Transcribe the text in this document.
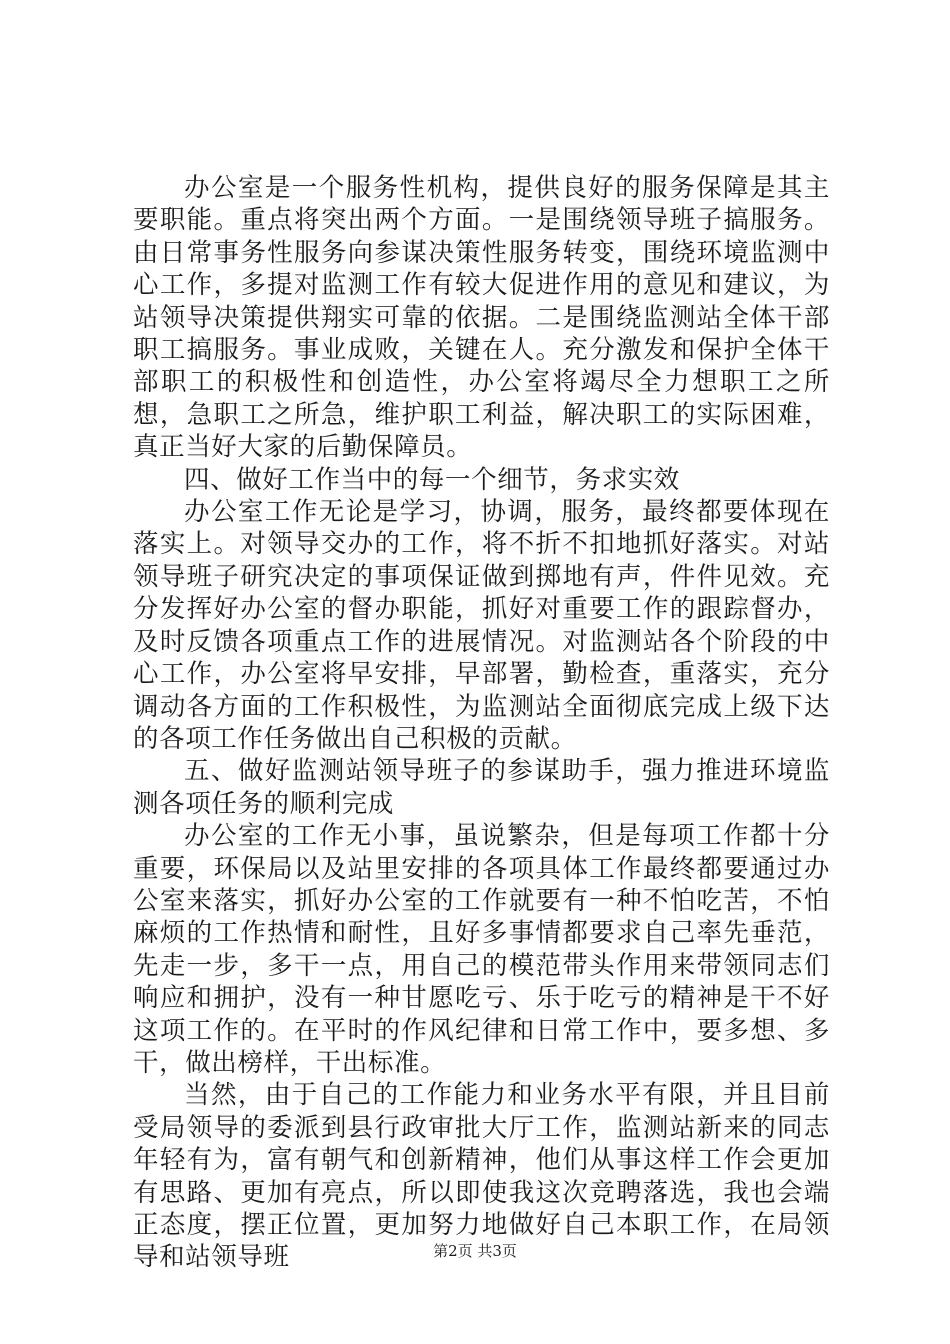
办公室是一个服务性机构，提供良好的服务保障是其主要职能。重点将突出两个方面。一是围绕领导班子搞服务。由日常事务性服务向参谋决策性服务转变，围绕环境监测中心工作，多提对监测工作有较大促进作用的意见和建议，为站领导决策提供翔实可靠的依据。二是围绕监测站全体干部职工搞服务。事业成败，关键在人。充分激发和保护全体干部职工的积极性和创造性，办公室将竭尽全力想职工之所想，急职工之所急，维护职工利益，解决职工的实际困难，真正当好大家的后勤保障员。

四、做好工作当中的每一个细节，务求实效

办公室工作无论是学习，协调，服务，最终都要体现在落实上。对领导交办的工作，将不折不扣地抓好落实。对站领导班子研究决定的事项保证做到掷地有声，件件见效。充分发挥好办公室的督办职能，抓好对重要工作的跟踪督办，及时反馈各项重点工作的进展情况。对监测站各个阶段的中心工作，办公室将早安排，早部署，勤检查，重落实，充分调动各方面的工作积极性，为监测站全面彻底完成上级下达的各项工作任务做出自己积极的贡献。

五、做好监测站领导班子的参谋助手，强力推进环境监测各项任务的顺利完成

办公室的工作无小事，虽说繁杂，但是每项工作都十分重要，环保局以及站里安排的各项具体工作最终都要通过办公室来落实，抓好办公室的工作就要有一种不怕吃苦，不怕麻烦的工作热情和耐性，且好多事情都要求自己率先垂范，先走一步，多干一点，用自己的模范带头作用来带领同志们响应和拥护，没有一种甘愿吃亏、乐于吃亏的精神是干不好这项工作的。在平时的作风纪律和日常工作中，要多想、多干，做出榜样，干出标准。

当然，由于自己的工作能力和业务水平有限，并且目前受局领导的委派到县行政审批大厅工作，监测站新来的同志年轻有为，富有朝气和创新精神，他们从事这样工作会更加有思路、更加有亮点，所以即使我这次竞聘落选，我也会端正态度，摆正位置，更加努力地做好自己本职工作，在局领导和站领导班	第2页 共3页
